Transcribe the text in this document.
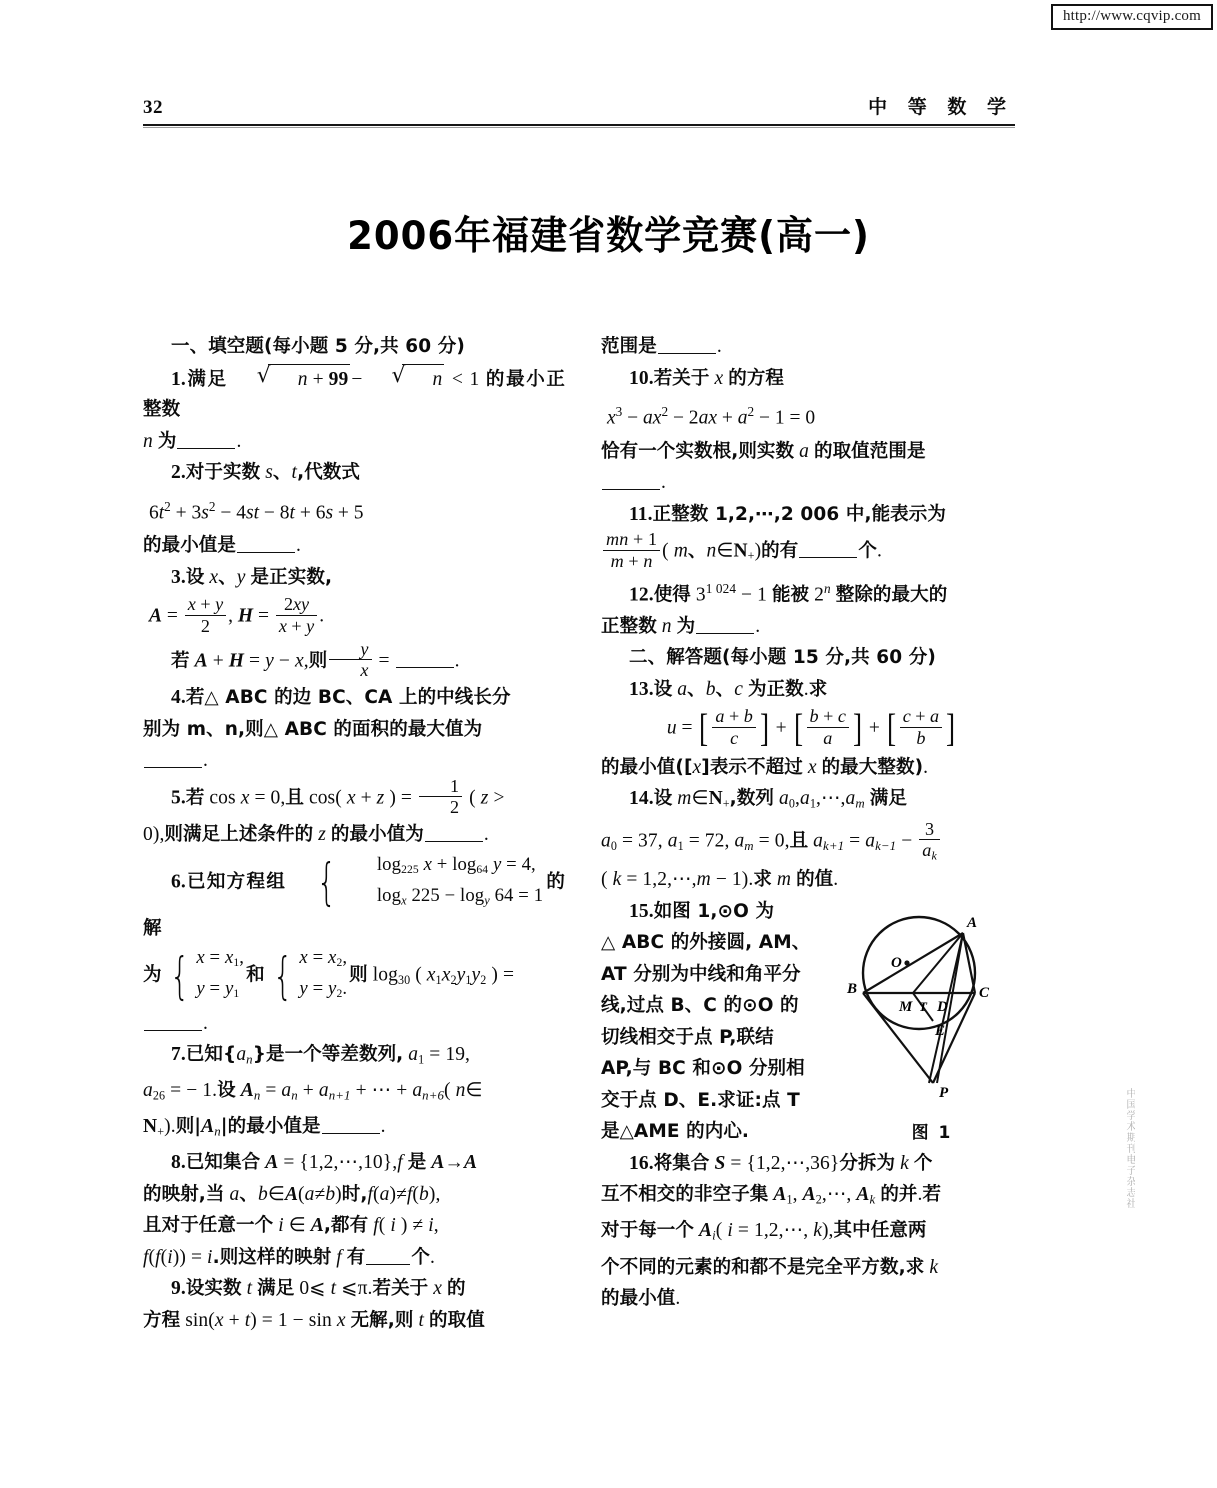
http://www.cqvip.com
32	中 等 数 学
2006年福建省数学竞赛(高一)

一、填空题(每小题 5 分,共 60 分)

1.满足	√ n + 99 −	√ n < 1 的最小正整数

n 为	.

2.对于实数 s、t,代数式

$6t^2 + 3s^2 - 4st - 8t + 6s + 5$

的最小值是	.

3.设 x、y 是正实数,

$A = \frac{x + y}{2}$ , $H = \frac{2xy}{x + y}$ .

若 A + H = y − x,则 $\frac{y}{x}$ =	.

4.若△ ABC 的边 BC、CA 上的中线长分

别为 m、n,则△ ABC 的面积的最大值为

.

5.若 cos x = 0,且 cos( x + z ) = $\frac{1}{2}$ ( z >

0),则满足上述条件的 z 的最小值为	.

6.已知方程组 {	$\log_{225} x + \log_{64} y = 4$,
$\log_x 225 - \log_y 64 = 1$
的解

为 { $x = x_1$,
$y = y_1$
和 { $x = x_2$,
$y = y_2$.
则 $\log_{30}$ ( $x_1x_2y_1y_2$ ) =

.

7.已知$\{a_n\}$是一个等差数列, $a_1 = 19$,

$a_{26}$ = − 1.设 $A_n = a_n + a_{n+1}$ + ⋯ + $a_{n+6}$( n∈

$N_+$).则$|A_n|$的最小值是	.

8.已知集合 A = {1,2,⋯,10},f 是 A→A

的映射,当 a、b∈A(a≠b)时,f(a)≠f(b),

且对于任意一个 i ∈ A,都有 f( i ) ≠ i,

f(f(i)) = i.则这样的映射 f 有 个.

9.设实数 t 满足 0⩽ t ⩽π.若关于 x 的

方程 sin(x + t) = 1 − sin x 无解,则 t 的取值

范围是	.

10.若关于 x 的方程

$x^3 - ax^2 - 2ax + a^2 - 1 = 0$

恰有一个实数根,则实数 a 的取值范围是

.

11.正整数 1,2,⋯,2 006 中,能表示为

$\frac{mn + 1}{m + n}$ ( m、$n\in N_+$)的有	个.

12.使得 $3^{1 024} - 1$ 能被 2$^n$ 整除的最大的

正整数 n 为	.

二、解答题(每小题 15 分,共 60 分)

13.设 a、b、c 为正数.求

u = [ $\frac{a + b}{c}$ ] + [ $\frac{b + c}{a}$ ] + [ $\frac{c + a}{b}$ ]

的最小值([x]表示不超过 x 的最大整数).

14.设 $m\in N_+$,数列 $a_0,a_1,\cdots,a_m$ 满足

$a_0 = 37$, $a_1 = 72$, $a_m = 0$,且 $a_{k+1} = a_{k-1} - \frac{3}{a_k}$

( k = 1,2,⋯,m − 1).求 m 的值.

A
B	C
O
M T D
E
P
图 1

15.如图 1,⊙O 为

△ ABC 的外接圆, AM、

AT 分别为中线和角平分

线,过点 B、C 的⊙O 的

切线相交于点 P,联结

AP,与 BC 和⊙O 分别相

交于点 D、E.求证:点 T

是△AME 的内心.

16.将集合 S = {1,2,⋯,36}分拆为 k 个

互不相交的非空子集 $A_1$, $A_2,\cdots$, $A_k$ 的并.若

对于每一个 $A_i$( i = 1,2,⋯, k),其中任意两

个不同的元素的和都不是完全平方数,求 k

的最小值.

中国学术期刊电子杂志社
